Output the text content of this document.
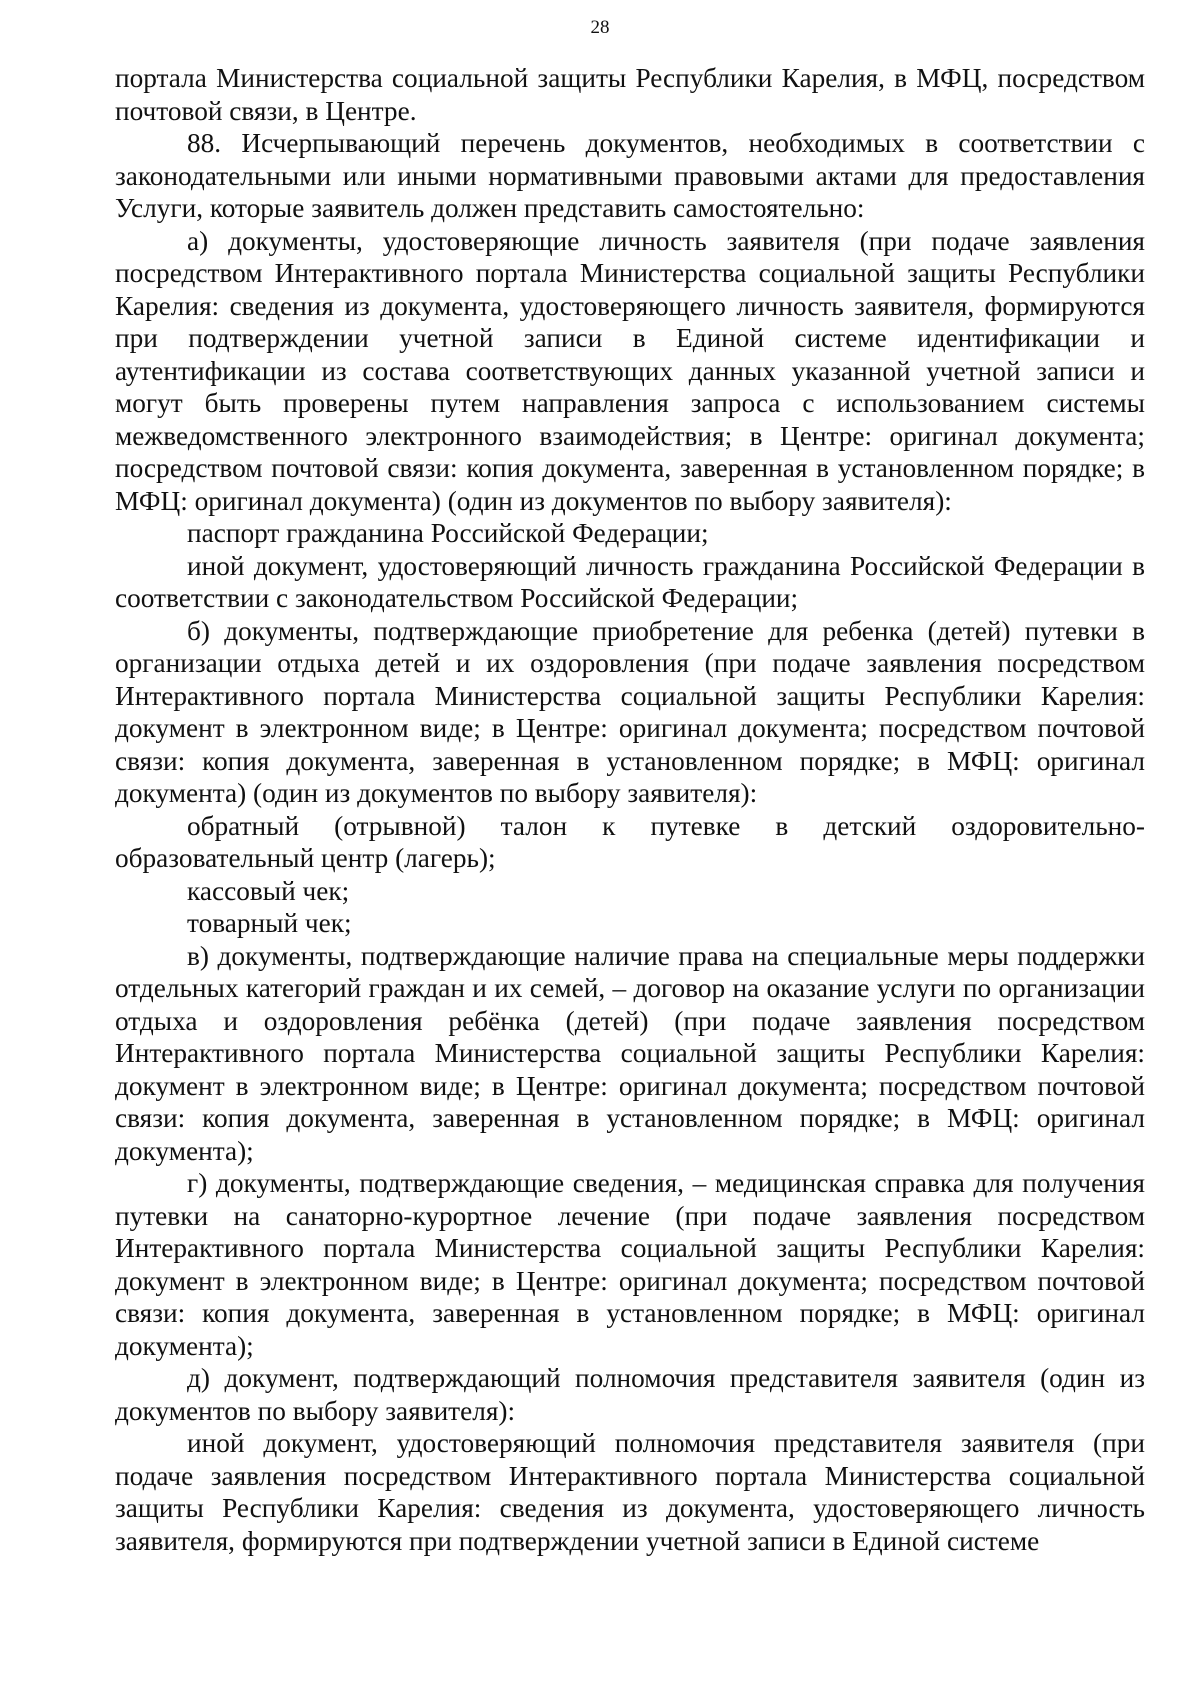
28

портала Министерства социальной защиты Республики Карелия, в МФЦ, посредством почтовой связи, в Центре.

88. Исчерпывающий перечень документов, необходимых в соответствии с законодательными или иными нормативными правовыми актами для предоставления Услуги, которые заявитель должен представить самостоятельно:

а) документы, удостоверяющие личность заявителя (при подаче заявления посредством Интерактивного портала Министерства социальной защиты Республики Карелия: сведения из документа, удостоверяющего личность заявителя, формируются при подтверждении учетной записи в Единой системе идентификации и аутентификации из состава соответствующих данных указанной учетной записи и могут быть проверены путем направления запроса с использованием системы межведомственного электронного взаимодействия; в Центре: оригинал документа; посредством почтовой связи: копия документа, заверенная в установленном порядке; в МФЦ: оригинал документа) (один из документов по выбору заявителя):

паспорт гражданина Российской Федерации;

иной документ, удостоверяющий личность гражданина Российской Федерации в соответствии с законодательством Российской Федерации;

б) документы, подтверждающие приобретение для ребенка (детей) путевки в организации отдыха детей и их оздоровления (при подаче заявления посредством Интерактивного портала Министерства социальной защиты Республики Карелия: документ в электронном виде; в Центре: оригинал документа; посредством почтовой связи: копия документа, заверенная в установленном порядке; в МФЦ: оригинал документа) (один из документов по выбору заявителя):

обратный (отрывной) талон к путевке в детский оздоровительно-образовательный центр (лагерь);

кассовый чек;

товарный чек;

в) документы, подтверждающие наличие права на специальные меры поддержки отдельных категорий граждан и их семей, – договор на оказание услуги по организации отдыха и оздоровления ребёнка (детей) (при подаче заявления посредством Интерактивного портала Министерства социальной защиты Республики Карелия: документ в электронном виде; в Центре: оригинал документа; посредством почтовой связи: копия документа, заверенная в установленном порядке; в МФЦ: оригинал документа);

г) документы, подтверждающие сведения, – медицинская справка для получения путевки на санаторно-курортное лечение (при подаче заявления посредством Интерактивного портала Министерства социальной защиты Республики Карелия: документ в электронном виде; в Центре: оригинал документа; посредством почтовой связи: копия документа, заверенная в установленном порядке; в МФЦ: оригинал документа);

д) документ, подтверждающий полномочия представителя заявителя (один из документов по выбору заявителя):

иной документ, удостоверяющий полномочия представителя заявителя (при подаче заявления посредством Интерактивного портала Министерства социальной защиты Республики Карелия: сведения из документа, удостоверяющего личность заявителя, формируются при подтверждении учетной записи в Единой системе
